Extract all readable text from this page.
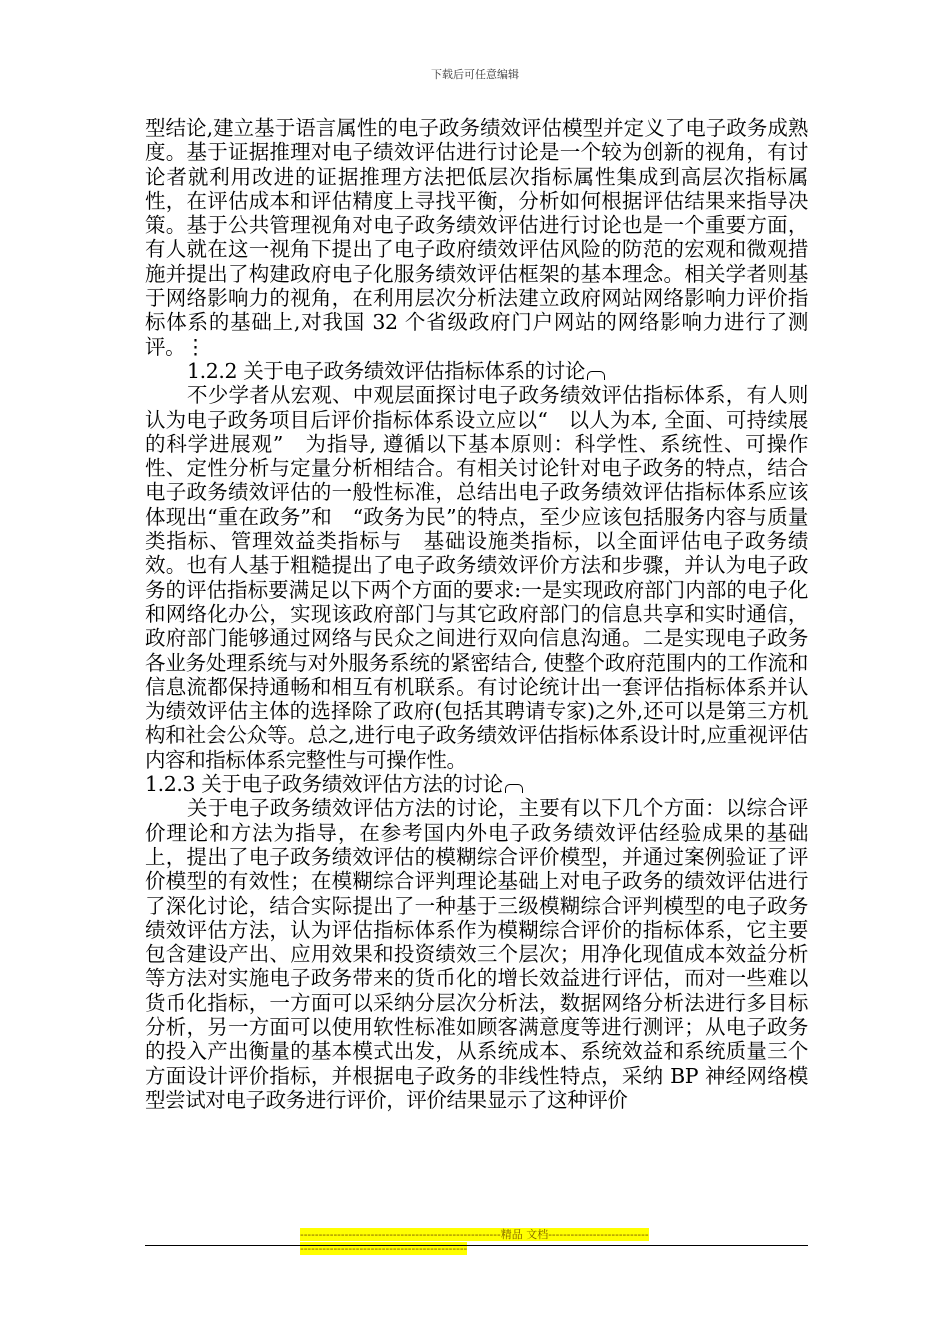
下载后可任意编辑

型结论,建立基于语言属性的电子政务绩效评估模型并定义了电子政务成熟度。基于证据推理对电子绩效评估进行讨论是一个较为创新的视角，有讨论者就利用改进的证据推理方法把低层次指标属性集成到高层次指标属性，在评估成本和评估精度上寻找平衡，分析如何根据评估结果来指导决策。基于公共管理视角对电子政务绩效评估进行讨论也是一个重要方面，有人就在这一视角下提出了电子政府绩效评估风险的防范的宏观和微观措施并提出了构建政府电子化服务绩效评估框架的基本理念。相关学者则基于网络影响力的视角，在利用层次分析法建立政府网站网络影响力评价指标体系的基础上,对我国 32 个省级政府门户网站的网络影响力进行了测评。⋮

1.2.2 关于电子政务绩效评估指标体系的讨论

不少学者从宏观、中观层面探讨电子政务绩效评估指标体系，有人则认为电子政务项目后评价指标体系设立应以“　以人为本, 全面、可持续展的科学进展观”　为指导, 遵循以下基本原则：科学性、系统性、可操作性、定性分析与定量分析相结合。有相关讨论针对电子政务的特点，结合电子政务绩效评估的一般性标准，总结出电子政务绩效评估指标体系应该体现出“重在政务”和　“政务为民”的特点，至少应该包括服务内容与质量类指标、管理效益类指标与　基础设施类指标，以全面评估电子政务绩效。也有人基于粗糙提出了电子政务绩效评价方法和步骤，并认为电子政务的评估指标要满足以下两个方面的要求:一是实现政府部门内部的电子化和网络化办公，实现该政府部门与其它政府部门的信息共享和实时通信，政府部门能够通过网络与民众之间进行双向信息沟通。二是实现电子政务各业务处理系统与对外服务系统的紧密结合, 使整个政府范围内的工作流和信息流都保持通畅和相互有机联系。有讨论统计出一套评估指标体系并认为绩效评估主体的选择除了政府(包括其聘请专家)之外,还可以是第三方机构和社会公众等。总之,进行电子政务绩效评估指标体系设计时,应重视评估内容和指标体系完整性与可操作性。

1.2.3 关于电子政务绩效评估方法的讨论

关于电子政务绩效评估方法的讨论，主要有以下几个方面：以综合评价理论和方法为指导，在参考国内外电子政务绩效评估经验成果的基础上，提出了电子政务绩效评估的模糊综合评价模型，并通过案例验证了评价模型的有效性；在模糊综合评判理论基础上对电子政务的绩效评估进行了深化讨论，结合实际提出了一种基于三级模糊综合评判模型的电子政务绩效评估方法，认为评估指标体系作为模糊综合评价的指标体系，它主要包含建设产出、应用效果和投资绩效三个层次；用净化现值成本效益分析等方法对实施电子政务带来的货币化的增长效益进行评估，而对一些难以货币化指标，一方面可以采纳分层次分析法，数据网络分析法进行多目标分析，另一方面可以使用软性标准如顾客满意度等进行测评；从电子政务的投入产出衡量的基本模式出发，从系统成本、系统效益和系统质量三个方面设计评价指标，并根据电子政务的非线性特点，采纳 BP 神经网络模型尝试对电子政务进行评价，评价结果显示了这种评价

------------------------------------------------------精品 文档------------------------------------------------------------------------
